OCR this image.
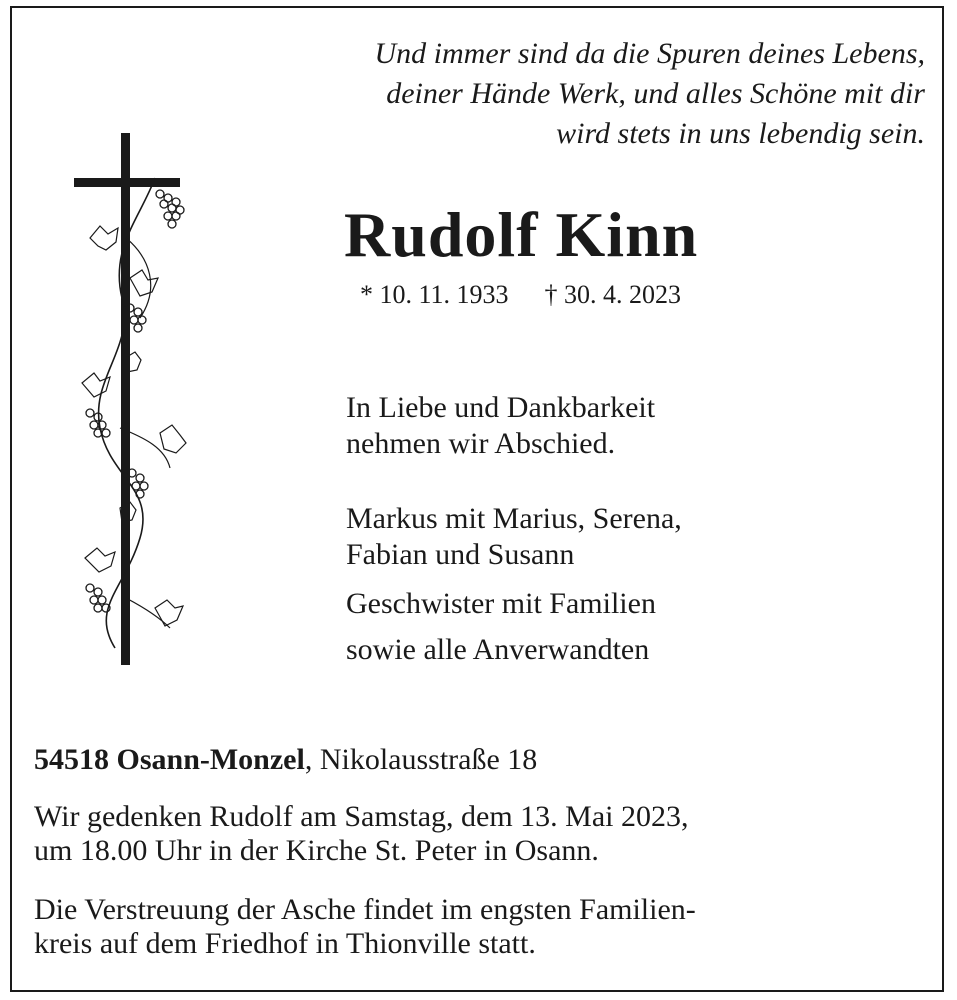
Und immer sind da die Spuren deines Lebens,
deiner Hände Werk, und alles Schöne mit dir
wird stets in uns lebendig sein.
Rudolf Kinn
* 10. 11. 1933 † 30. 4. 2023
In Liebe und Dankbarkeit
nehmen wir Abschied.
Markus mit Marius, Serena,
Fabian und Susann
Geschwister mit Familien
sowie alle Anverwandten
54518 Osann-Monzel, Nikolausstraße 18
Wir gedenken Rudolf am Samstag, dem 13. Mai 2023,
um 18.00 Uhr in der Kirche St. Peter in Osann.
Die Verstreuung der Asche findet im engsten Familien-
kreis auf dem Friedhof in Thionville statt.
